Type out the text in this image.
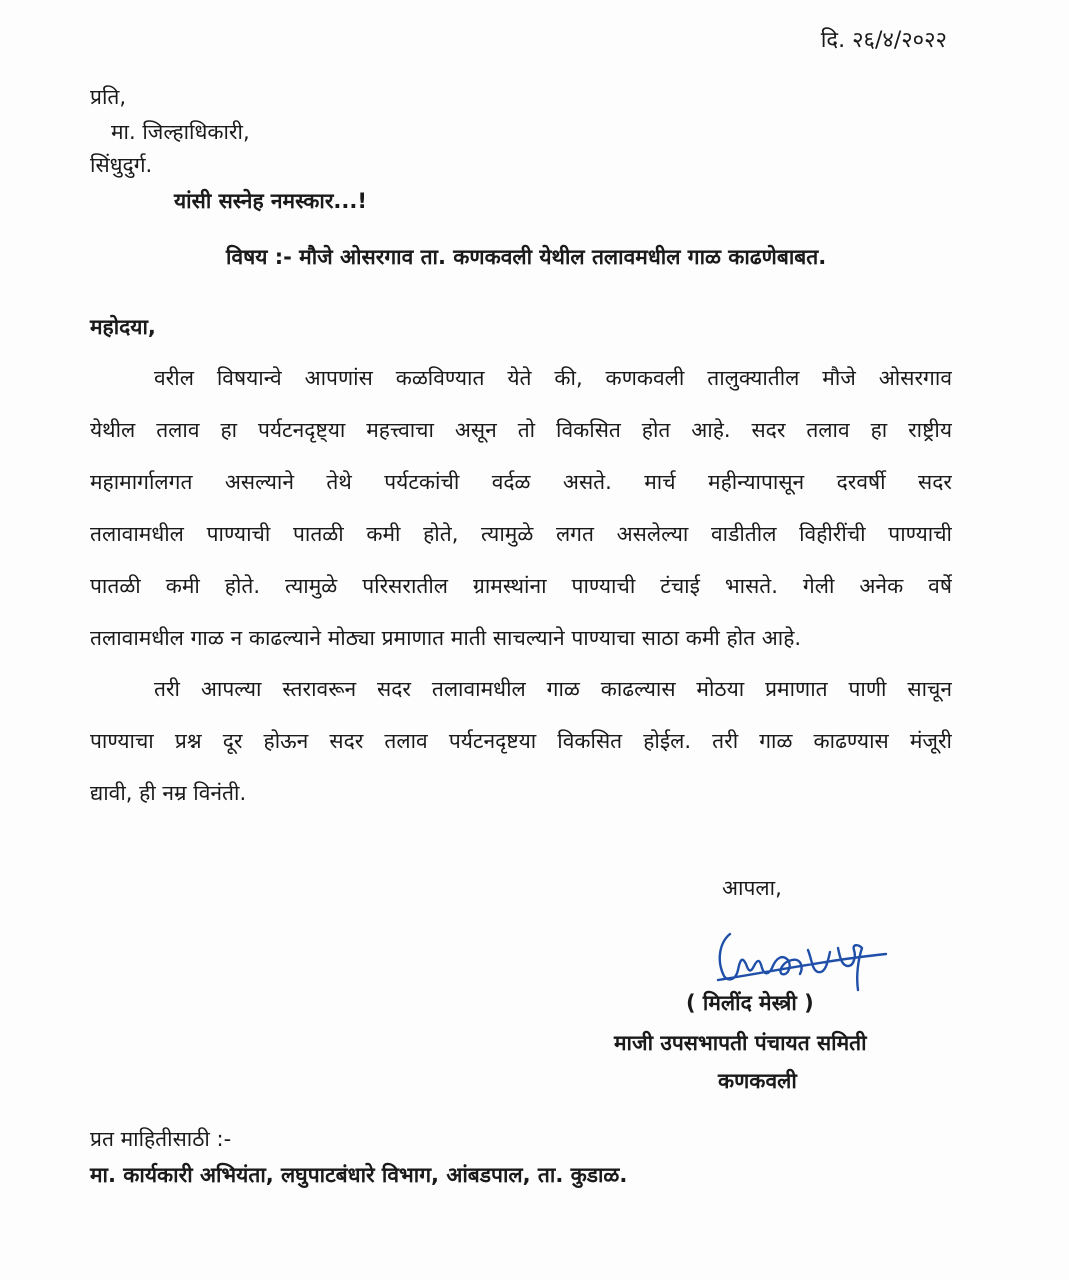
दि. २६/४/२०२२
प्रति,
मा. जिल्हाधिकारी,
सिंधुदुर्ग.
यांसी सस्नेह नमस्कार...!
विषय :- मौजे ओसरगाव ता. कणकवली येथील तलावमधील गाळ काढणेबाबत.
महोदया,
वरील विषयान्वे आपणांस कळविण्यात येते की, कणकवली तालुक्यातील मौजे ओसरगाव
येथील तलाव हा पर्यटनदृष्ट्या महत्त्वाचा असून तो विकसित होत आहे. सदर तलाव हा राष्ट्रीय
महामार्गालगत असल्याने तेथे पर्यटकांची वर्दळ असते. मार्च महीन्यापासून दरवर्षी सदर
तलावामधील पाण्याची पातळी कमी होते, त्यामुळे लगत असलेल्या वाडीतील विहीरींची पाण्याची
पातळी कमी होते. त्यामुळे परिसरातील ग्रामस्थांना पाण्याची टंचाई भासते. गेली अनेक वर्षे
तलावामधील गाळ न काढल्याने मोठ्या प्रमाणात माती साचल्याने पाण्याचा साठा कमी होत आहे.
तरी आपल्या स्तरावरून सदर तलावामधील गाळ काढल्यास मोठया प्रमाणात पाणी साचून
पाण्याचा प्रश्न दूर होऊन सदर तलाव पर्यटनदृष्टया विकसित होईल. तरी गाळ काढण्यास मंजूरी
द्यावी, ही नम्र विनंती.
आपला,
( मिलींद मेस्त्री )
माजी उपसभापती पंचायत समिती
कणकवली
प्रत माहितीसाठी :-
मा. कार्यकारी अभियंता, लघुपाटबंधारे विभाग, आंबडपाल, ता. कुडाळ.
